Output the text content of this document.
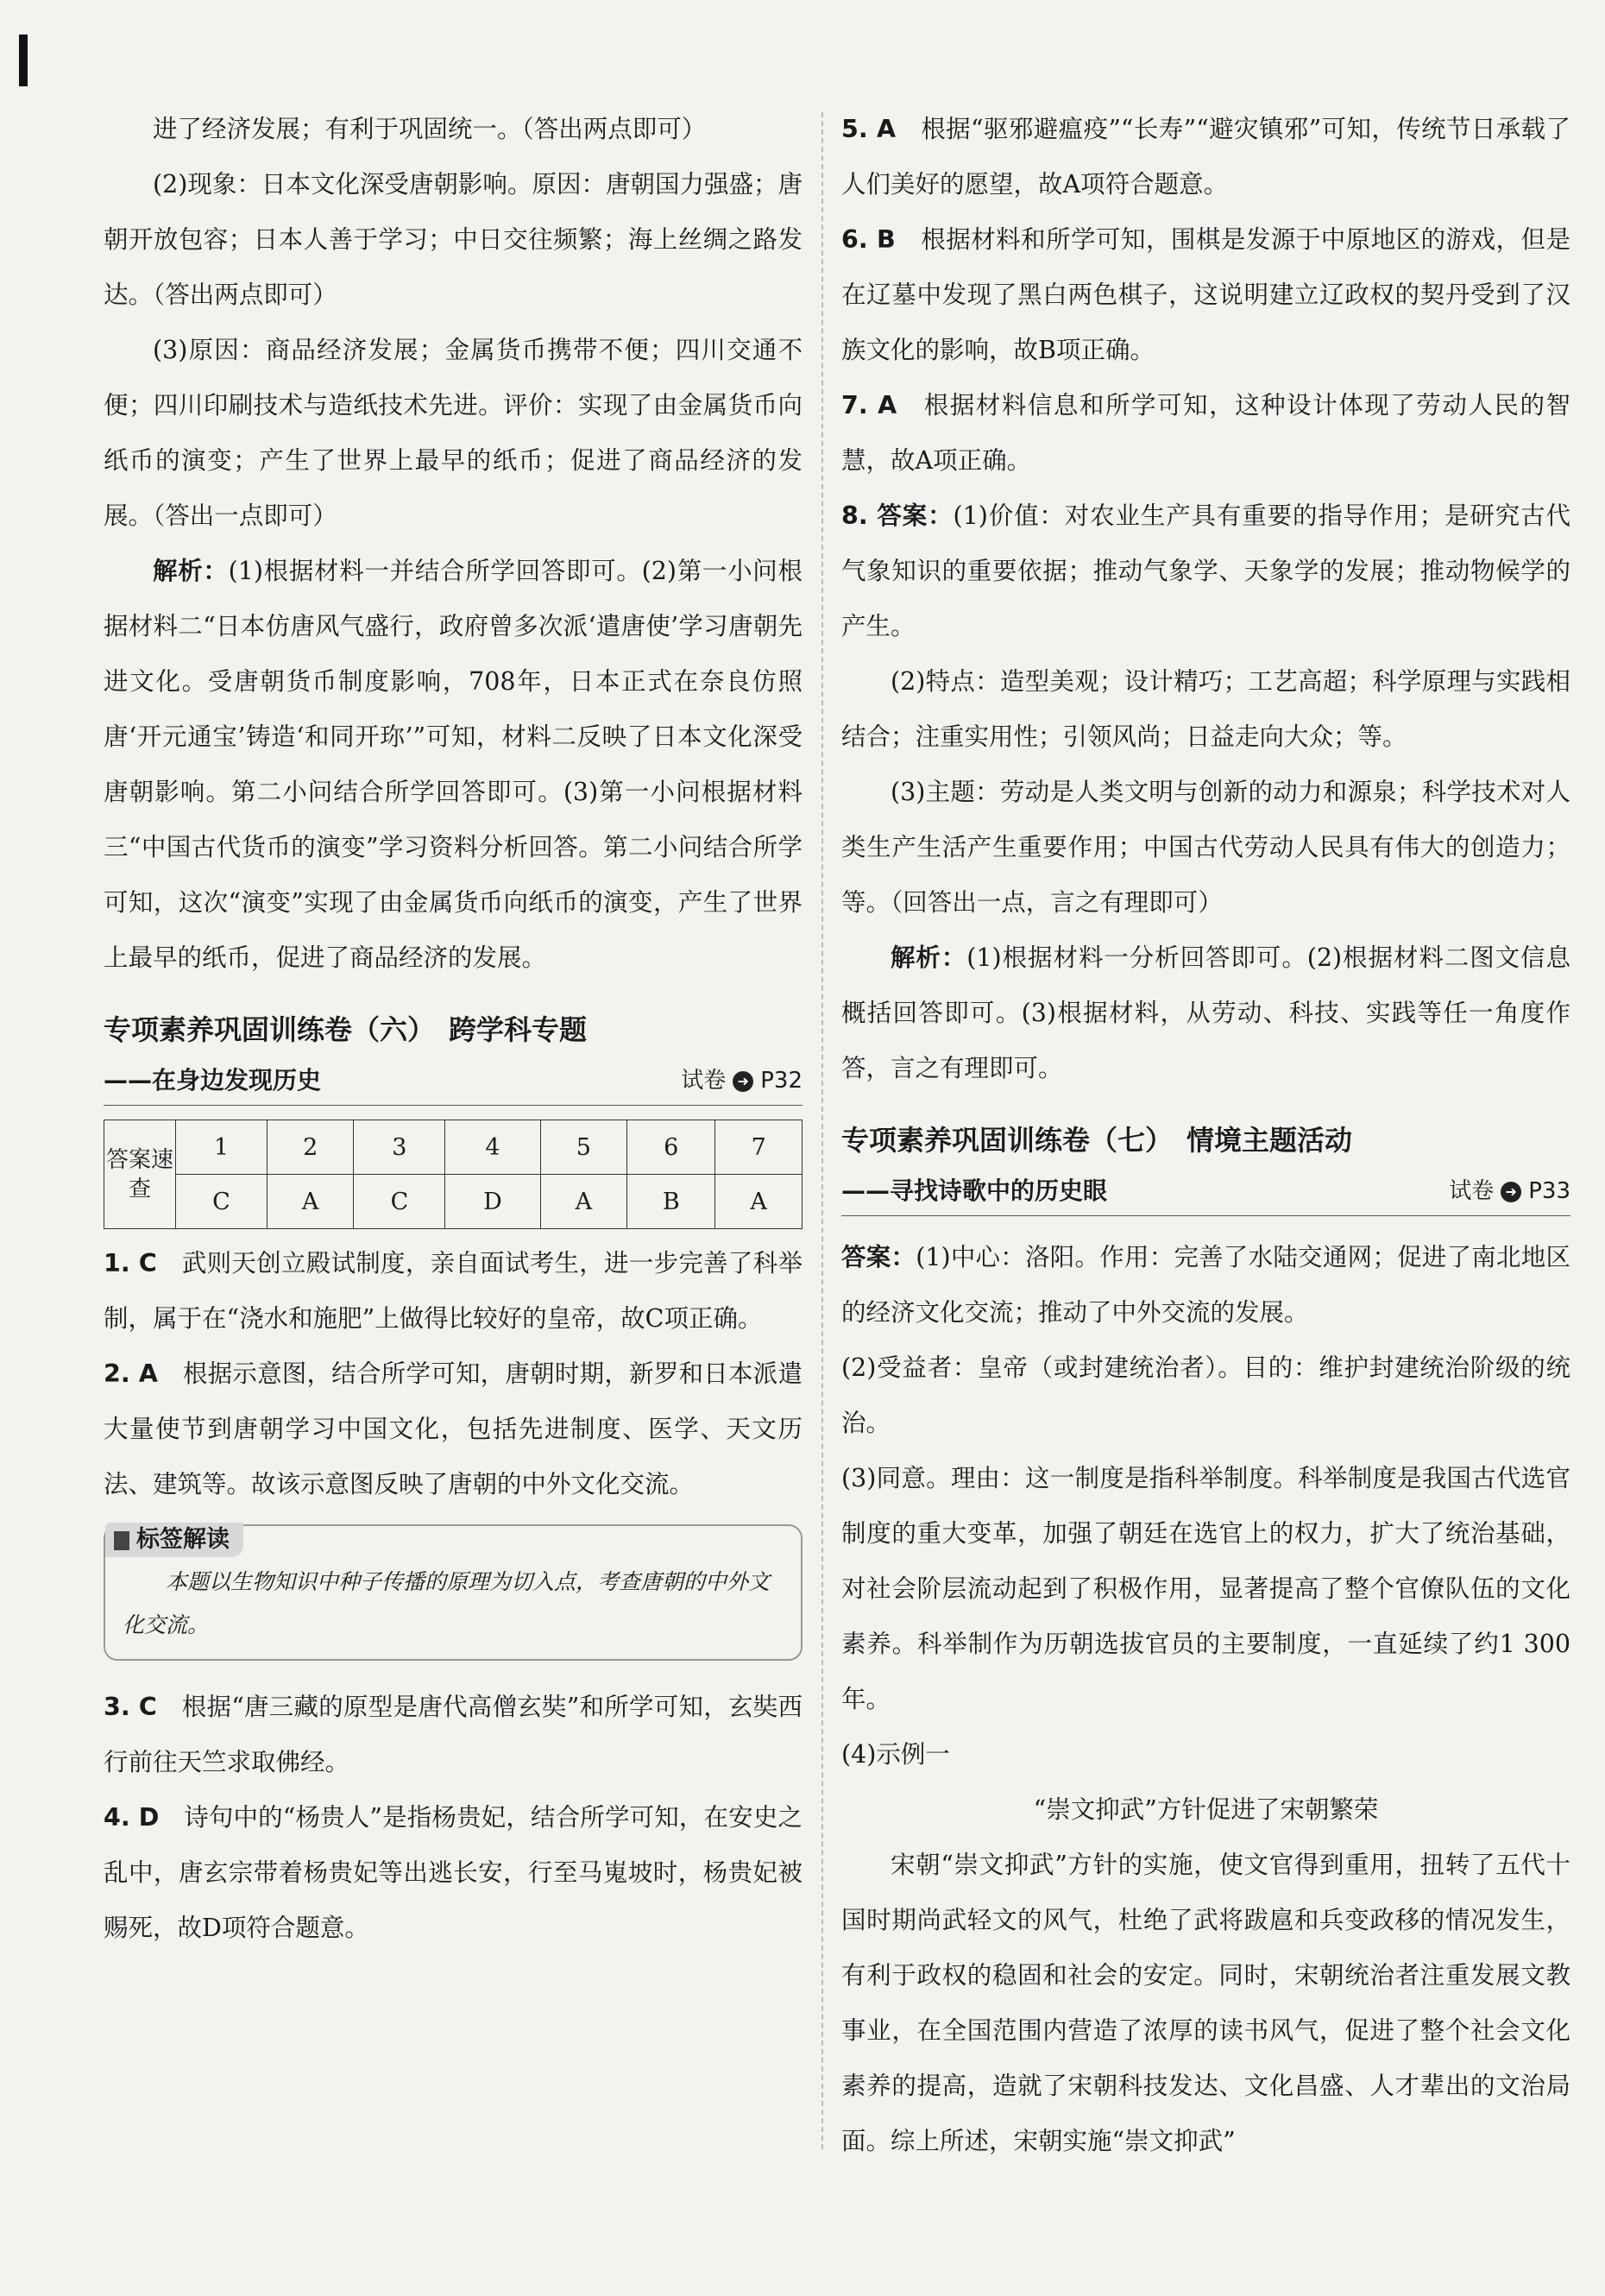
进了经济发展；有利于巩固统一。（答出两点即可）

(2)现象：日本文化深受唐朝影响。原因：唐朝国力强盛；唐朝开放包容；日本人善于学习；中日交往频繁；海上丝绸之路发达。（答出两点即可）

(3)原因：商品经济发展；金属货币携带不便；四川交通不便；四川印刷技术与造纸技术先进。评价：实现了由金属货币向纸币的演变；产生了世界上最早的纸币；促进了商品经济的发展。（答出一点即可）

解析：(1)根据材料一并结合所学回答即可。(2)第一小问根据材料二“日本仿唐风气盛行，政府曾多次派‘遣唐使’学习唐朝先进文化。受唐朝货币制度影响，708年，日本正式在奈良仿照唐‘开元通宝’铸造‘和同开珎’”可知，材料二反映了日本文化深受唐朝影响。第二小问结合所学回答即可。(3)第一小问根据材料三“中国古代货币的演变”学习资料分析回答。第二小问结合所学可知，这次“演变”实现了由金属货币向纸币的演变，产生了世界上最早的纸币，促进了商品经济的发展。

专项素养巩固训练卷（六）　跨学科专题
——在身边发现历史	试卷 ➜ P32
答案速查	1	2	3	4	5	6	7
	C	A	C	D	A	B	A

1. C　 武则天创立殿试制度，亲自面试考生，进一步完善了科举制，属于在“浇水和施肥”上做得比较好的皇帝，故C项正确。

2. A　 根据示意图，结合所学可知，唐朝时期，新罗和日本派遣大量使节到唐朝学习中国文化，包括先进制度、医学、天文历法、建筑等。故该示意图反映了唐朝的中外文化交流。

标签解读
本题以生物知识中种子传播的原理为切入点，考查唐朝的中外文化交流。

3. C　 根据“唐三藏的原型是唐代高僧玄奘”和所学可知，玄奘西行前往天竺求取佛经。

4. D　 诗句中的“杨贵人”是指杨贵妃，结合所学可知，在安史之乱中，唐玄宗带着杨贵妃等出逃长安，行至马嵬坡时，杨贵妃被赐死，故D项符合题意。

5. A　 根据“驱邪避瘟疫”“长寿”“避灾镇邪”可知，传统节日承载了人们美好的愿望，故A项符合题意。

6. B　 根据材料和所学可知，围棋是发源于中原地区的游戏，但是在辽墓中发现了黑白两色棋子，这说明建立辽政权的契丹受到了汉族文化的影响，故B项正确。

7. A　 根据材料信息和所学可知，这种设计体现了劳动人民的智慧，故A项正确。

8. 答案：(1)价值：对农业生产具有重要的指导作用；是研究古代气象知识的重要依据；推动气象学、天象学的发展；推动物候学的产生。

(2)特点：造型美观；设计精巧；工艺高超；科学原理与实践相结合；注重实用性；引领风尚；日益走向大众；等。

(3)主题：劳动是人类文明与创新的动力和源泉；科学技术对人类生产生活产生重要作用；中国古代劳动人民具有伟大的创造力；等。（回答出一点，言之有理即可）

解析：(1)根据材料一分析回答即可。(2)根据材料二图文信息概括回答即可。(3)根据材料，从劳动、科技、实践等任一角度作答，言之有理即可。

专项素养巩固训练卷（七）　情境主题活动
——寻找诗歌中的历史眼	试卷 ➜ P33

答案：(1)中心：洛阳。作用：完善了水陆交通网；促进了南北地区的经济文化交流；推动了中外交流的发展。

(2)受益者：皇帝（或封建统治者）。目的：维护封建统治阶级的统治。

(3)同意。理由：这一制度是指科举制度。科举制度是我国古代选官制度的重大变革，加强了朝廷在选官上的权力，扩大了统治基础，对社会阶层流动起到了积极作用，显著提高了整个官僚队伍的文化素养。科举制作为历朝选拔官员的主要制度，一直延续了约1 300年。

(4)示例一

“崇文抑武”方针促进了宋朝繁荣

宋朝“崇文抑武”方针的实施，使文官得到重用，扭转了五代十国时期尚武轻文的风气，杜绝了武将跋扈和兵变政移的情况发生，有利于政权的稳固和社会的安定。同时，宋朝统治者注重发展文教事业，在全国范围内营造了浓厚的读书风气，促进了整个社会文化素养的提高，造就了宋朝科技发达、文化昌盛、人才辈出的文治局面。综上所述，宋朝实施“崇文抑武”
